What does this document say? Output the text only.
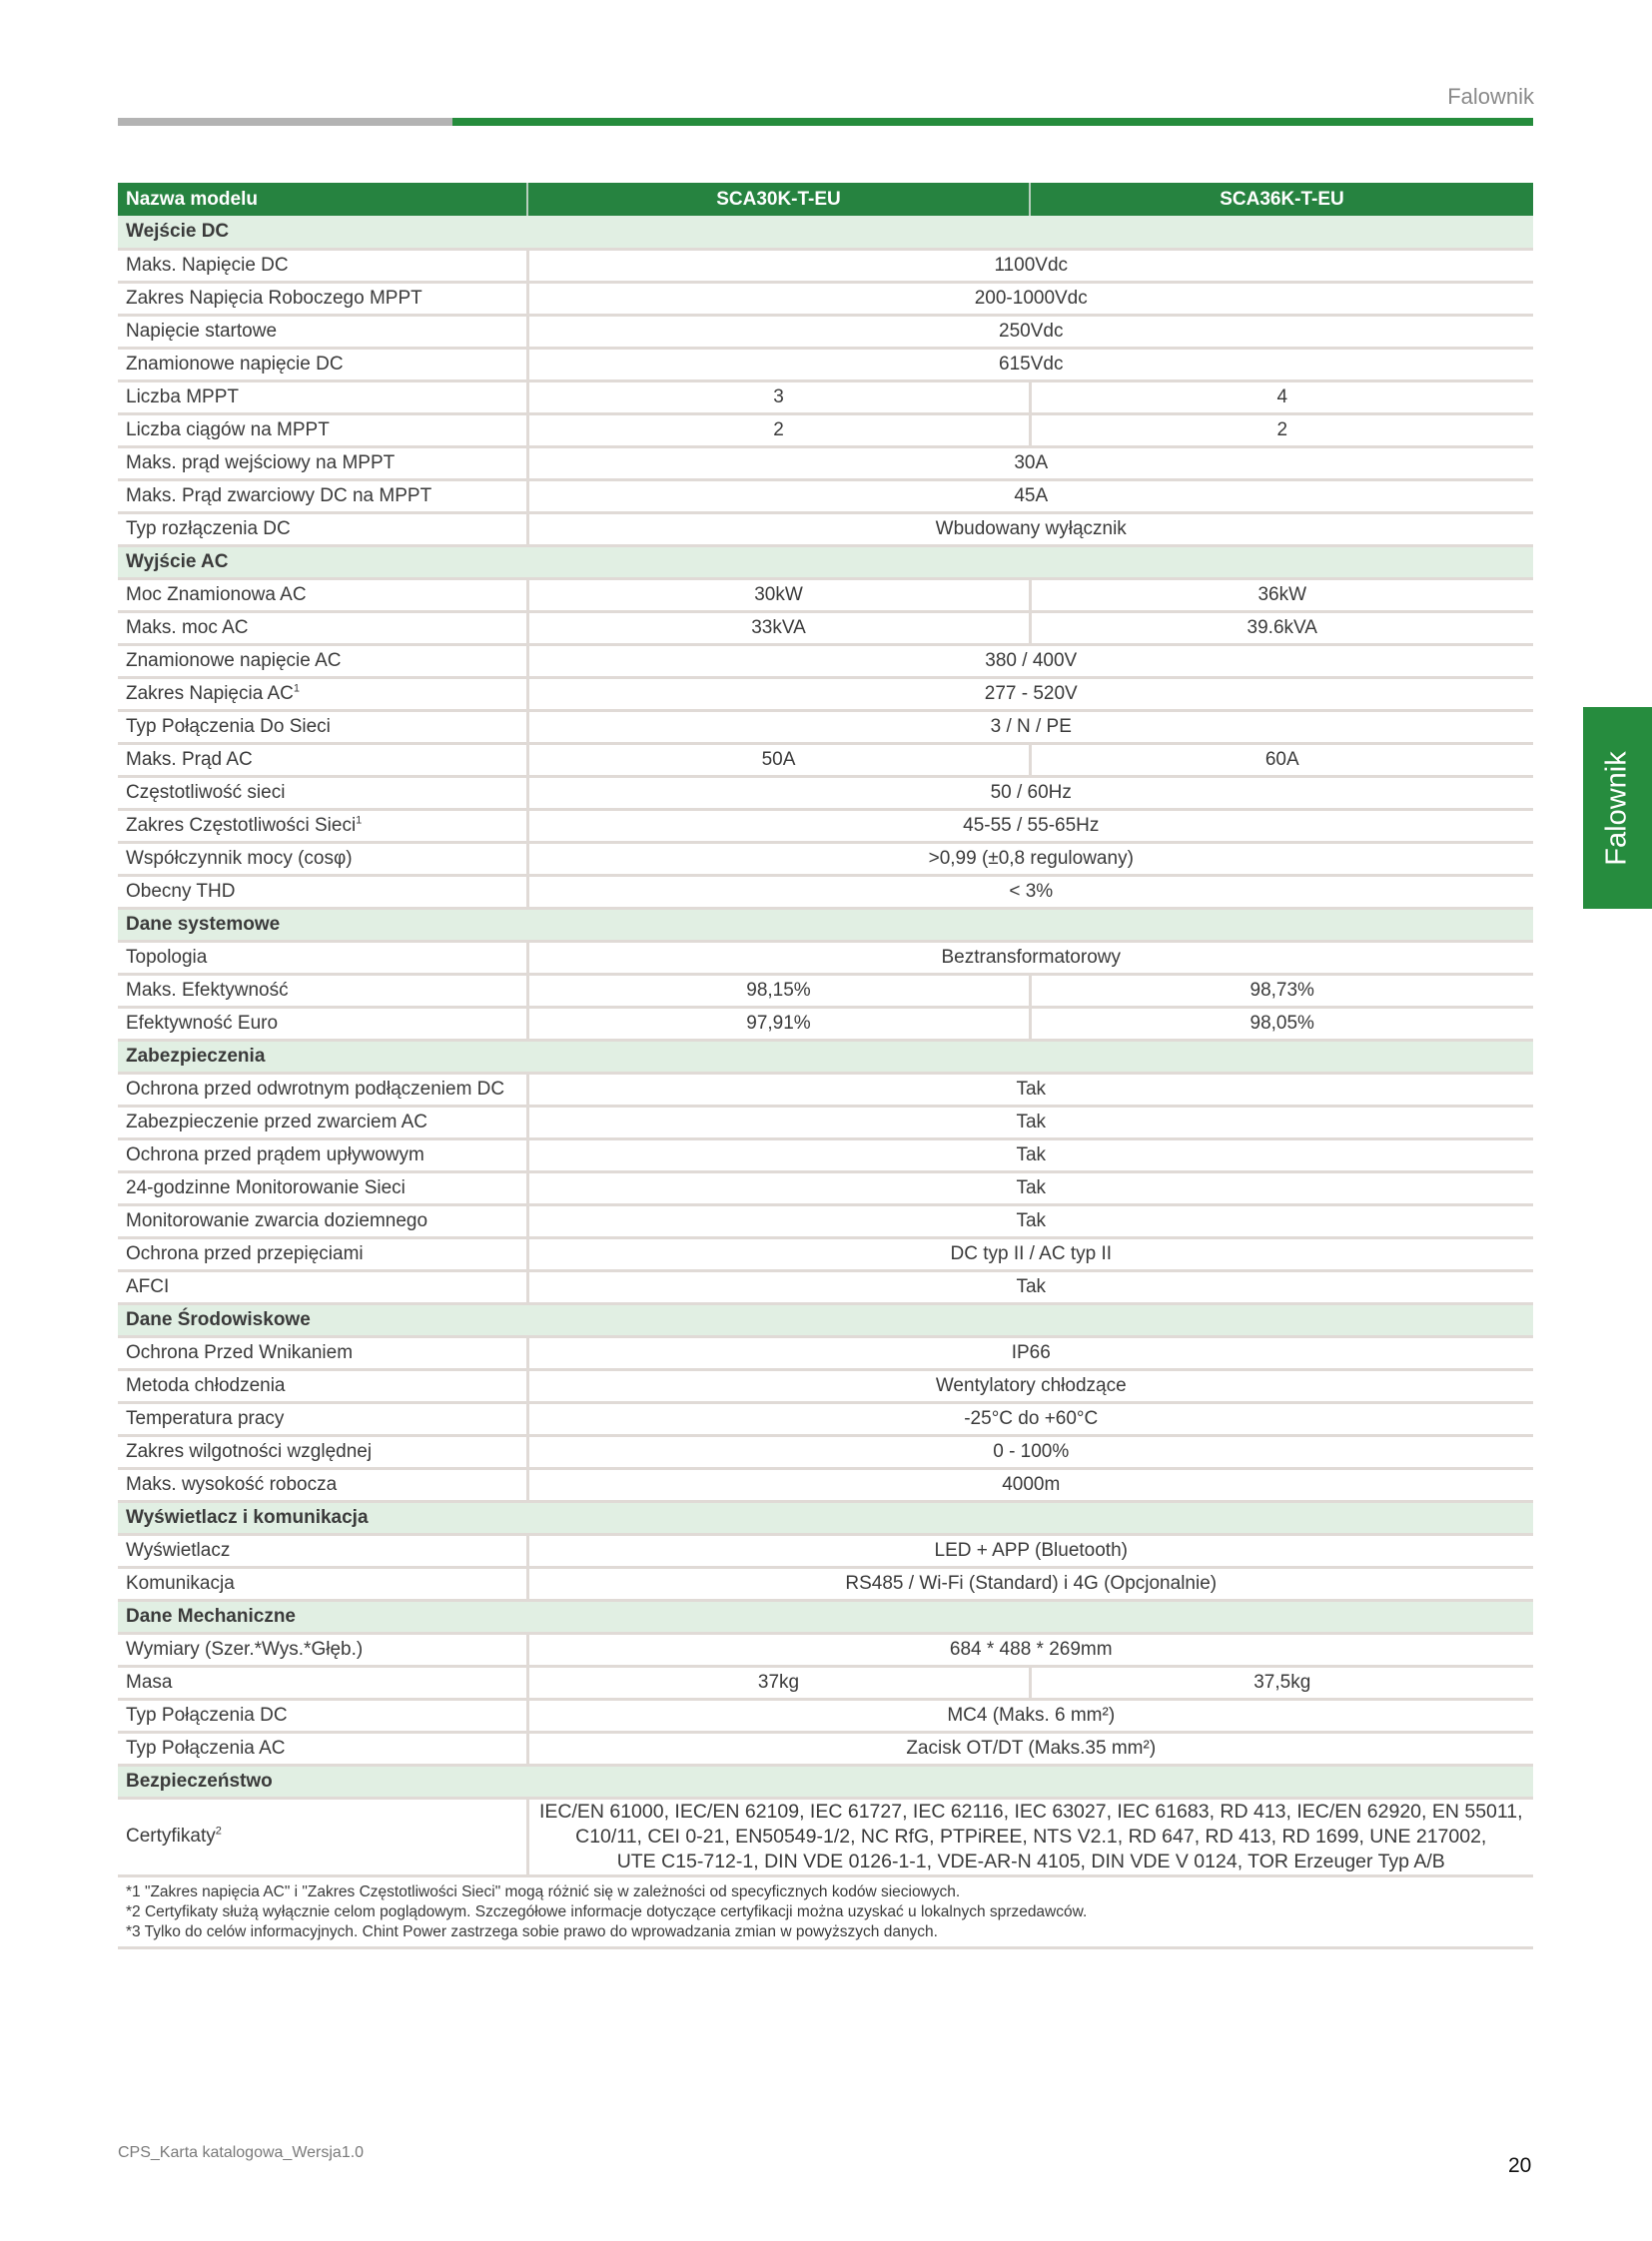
Falownik
Falownik
Nazwa modelu	SCA30K-T-EU	SCA36K-T-EU
Wejście DC		
Maks. Napięcie DC	1100Vdc	
Zakres Napięcia Roboczego MPPT	200-1000Vdc	
Napięcie startowe	250Vdc	
Znamionowe napięcie DC	615Vdc	
Liczba MPPT	3	4
Liczba ciągów na MPPT	2	2
Maks. prąd wejściowy na MPPT	30A	
Maks. Prąd zwarciowy DC na MPPT	45A	
Typ rozłączenia DC	Wbudowany wyłącznik	
Wyjście AC		
Moc Znamionowa AC	30kW	36kW
Maks. moc AC	33kVA	39.6kVA
Znamionowe napięcie AC	380 / 400V	
Zakres Napięcia $AC^1$	277 - 520V	
Typ Połączenia Do Sieci	3 / N / PE	
Maks. Prąd AC	50A	60A
Częstotliwość sieci	50 / 60Hz	
Zakres Częstotliwości Sieci$^1$	45-55 / 55-65Hz	
Współczynnik mocy (cosφ)	>0,99 (±0,8 regulowany)	
Obecny THD	< 3%	
Dane systemowe		
Topologia	Beztransformatorowy	
Maks. Efektywność	98,15%	98,73%
Efektywność Euro	97,91%	98,05%
Zabezpieczenia		
Ochrona przed odwrotnym podłączeniem DC	Tak	
Zabezpieczenie przed zwarciem AC	Tak	
Ochrona przed prądem upływowym	Tak	
24-godzinne Monitorowanie Sieci	Tak	
Monitorowanie zwarcia doziemnego	Tak	
Ochrona przed przepięciami	DC typ II / AC typ II	
AFCI	Tak	
Dane Środowiskowe		
Ochrona Przed Wnikaniem	IP66	
Metoda chłodzenia	Wentylatory chłodzące	
Temperatura pracy	-25°C do +60°C	
Zakres wilgotności względnej	0 - 100%	
Maks. wysokość robocza	4000m	
Wyświetlacz i komunikacja		
Wyświetlacz	LED + APP (Bluetooth)	
Komunikacja	RS485 / Wi-Fi (Standard) i 4G (Opcjonalnie)	
Dane Mechaniczne		
Wymiary (Szer.*Wys.*Głęb.)	684 * 488 * 269mm	
Masa	37kg	37,5kg
Typ Połączenia DC	MC4 (Maks. 6 mm²)	
Typ Połączenia AC	Zacisk OT/DT (Maks.35 mm²)	
Bezpieczeństwo		
Certyfikaty$^2$	IEC/EN 61000, IEC/EN 62109, IEC 61727, IEC 62116, IEC 63027, IEC 61683, RD 413, IEC/EN 62920, EN 55011,
C10/11, CEI 0-21, EN50549-1/2, NC RfG, PTPiREE, NTS V2.1, RD 647, RD 413, RD 1699, UNE 217002,
UTE C15-712-1, DIN VDE 0126-1-1, VDE-AR-N 4105, DIN VDE V 0124, TOR Erzeuger Typ A/B	
*1 "Zakres napięcia AC" i "Zakres Częstotliwości Sieci" mogą różnić się w zależności od specyficznych kodów sieciowych.
*2 Certyfikaty służą wyłącznie celom poglądowym. Szczegółowe informacje dotyczące certyfikacji można uzyskać u lokalnych sprzedawców.
*3 Tylko do celów informacyjnych. Chint Power zastrzega sobie prawo do wprowadzania zmian w powyższych danych.
CPS_Karta katalogowa_Wersja1.0
20
